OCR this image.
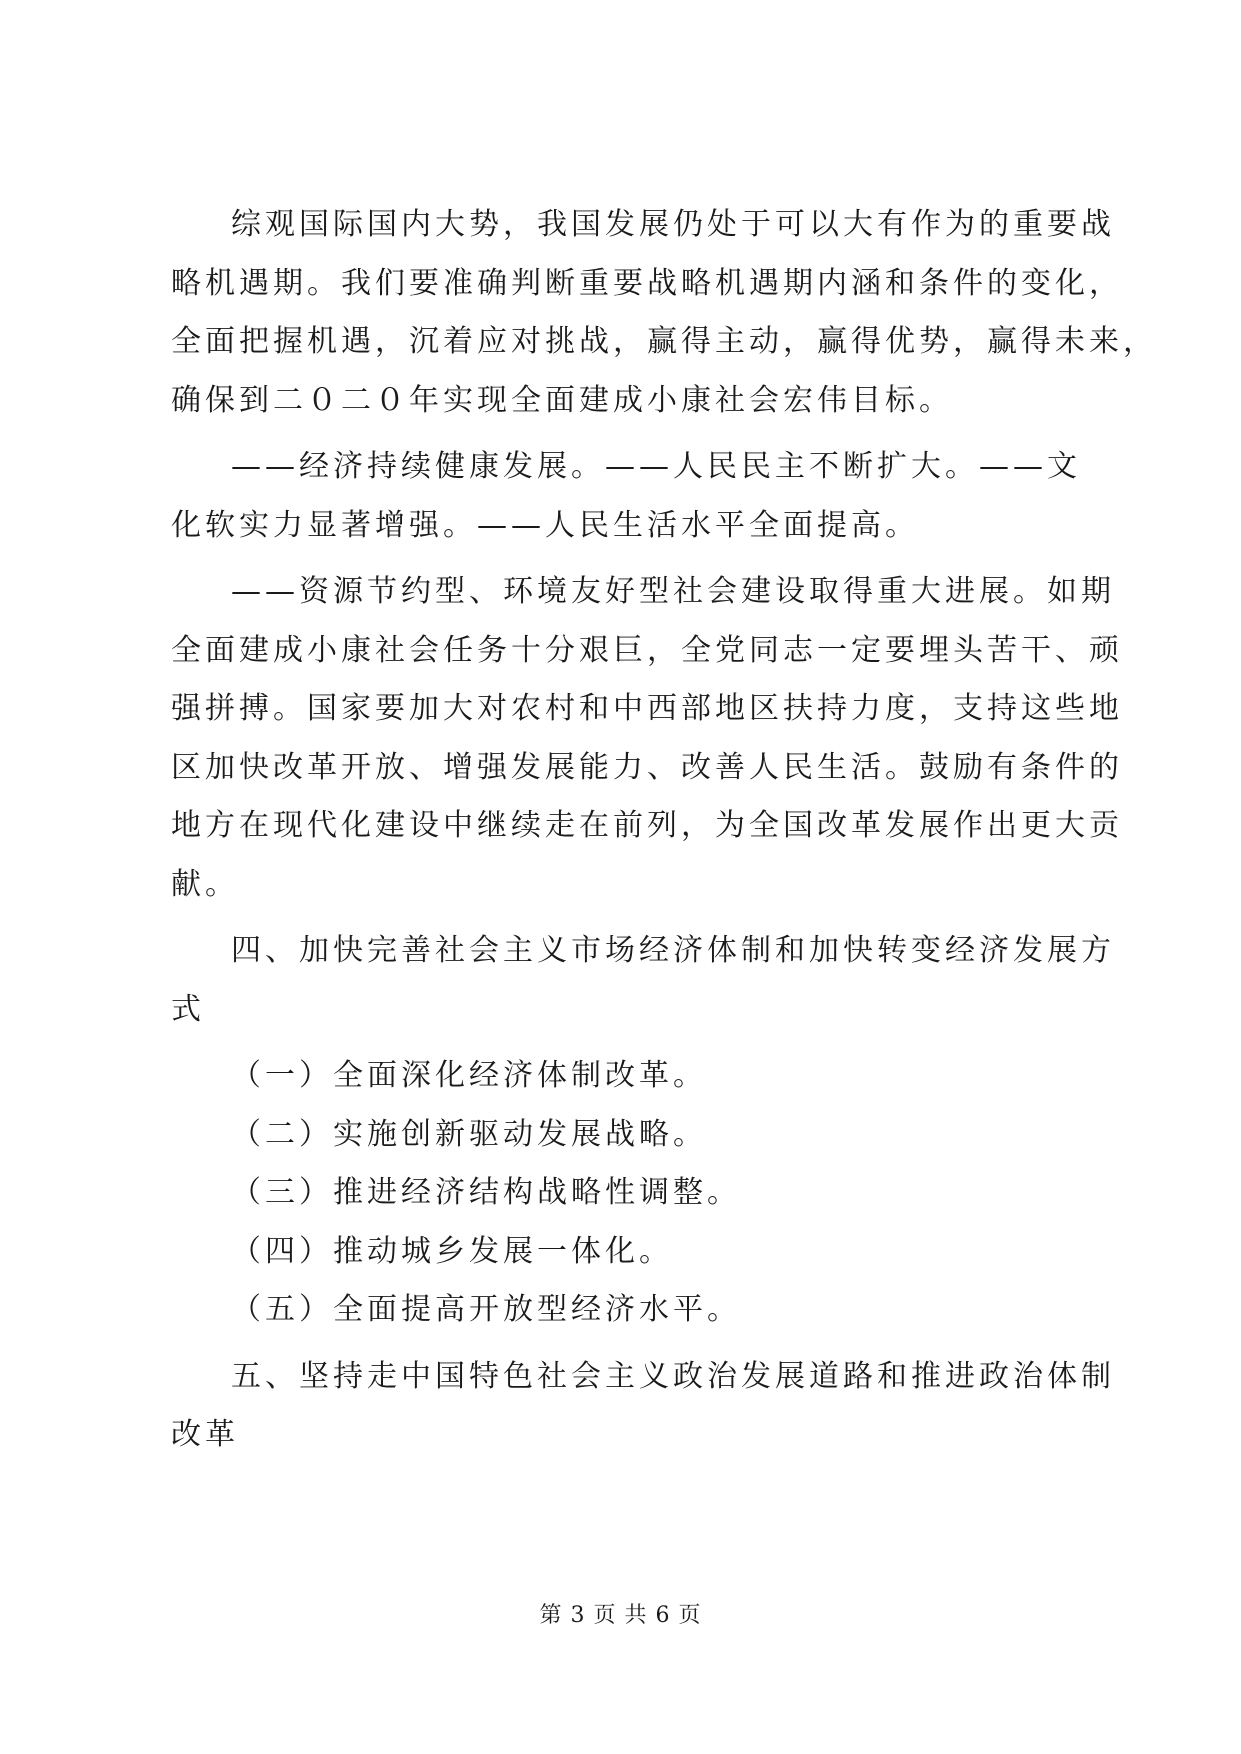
综观国际国内大势，我国发展仍处于可以大有作为的重要战
略机遇期。我们要准确判断重要战略机遇期内涵和条件的变化，
全面把握机遇，沉着应对挑战，赢得主动，赢得优势，赢得未来，
确保到二０二０年实现全面建成小康社会宏伟目标。
——经济持续健康发展。——人民民主不断扩大。——文
化软实力显著增强。——人民生活水平全面提高。
——资源节约型、环境友好型社会建设取得重大进展。如期
全面建成小康社会任务十分艰巨，全党同志一定要埋头苦干、顽
强拼搏。国家要加大对农村和中西部地区扶持力度，支持这些地
区加快改革开放、增强发展能力、改善人民生活。鼓励有条件的
地方在现代化建设中继续走在前列，为全国改革发展作出更大贡
献。
四、加快完善社会主义市场经济体制和加快转变经济发展方
式
（一）全面深化经济体制改革。
（二）实施创新驱动发展战略。
（三）推进经济结构战略性调整。
（四）推动城乡发展一体化。
（五）全面提高开放型经济水平。
五、坚持走中国特色社会主义政治发展道路和推进政治体制
改革
第 3 页 共 6 页
